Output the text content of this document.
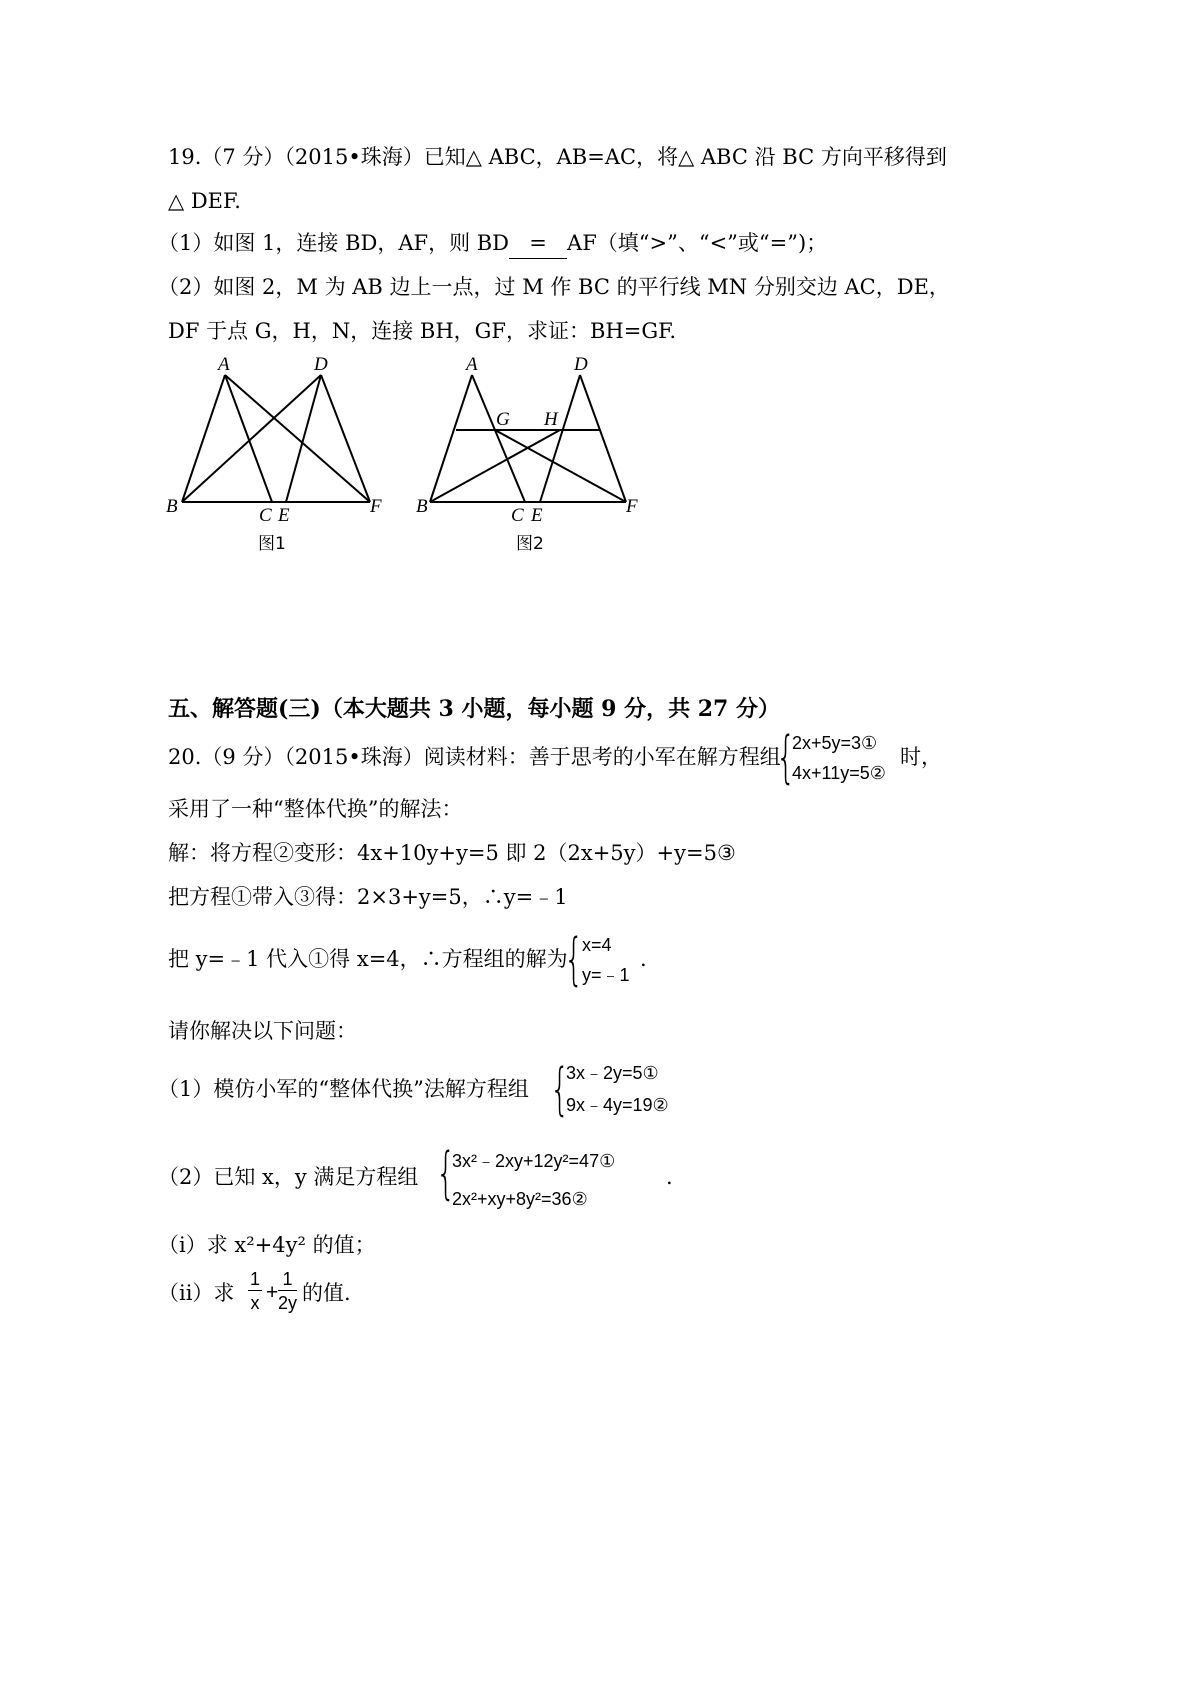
19.（7 分）（2015•珠海）已知△ ABC，AB=AC，将△ ABC 沿 BC 方向平移得到
△ DEF.
（1）如图 1，连接 BD，AF，则 BD = AF（填“>”、“<”或“=”)；
（2）如图 2，M 为 AB 边上一点，过 M 作 BC 的平行线 MN 分别交边 AC，DE，
DF 于点 G，H，N，连接 BH，GF，求证：BH=GF.
A	D
B	C E	F
图1
A	D
G H
B	C E	F
图2
五、解答题(三)（本大题共 3 小题，每小题 9 分，共 27 分）
20.（9 分）（2015•珠海）阅读材料：善于思考的小军在解方程组
{
2x+5y=3①
4x+11y=5②
时，
采用了一种“整体代换”的解法：
解：将方程②变形：4x+10y+y=5 即 2（2x+5y）+y=5③
把方程①带入③得：2×3+y=5，∴y=﹣1
把 y=﹣1 代入①得 x=4，∴方程组的解为
{
x=4
y=﹣1
.
请你解决以下问题：
（1）模仿小军的“整体代换”法解方程组 {
3x﹣2y=5①
9x﹣4y=19②
（2）已知 x，y 满足方程组 {
3x²﹣2xy+12y²=47①
2x²+xy+8y²=36②
.
（i）求 x²+4y² 的值；
（ii）求 $\frac{1}{x} + \frac{1}{2y}$ 的值.
